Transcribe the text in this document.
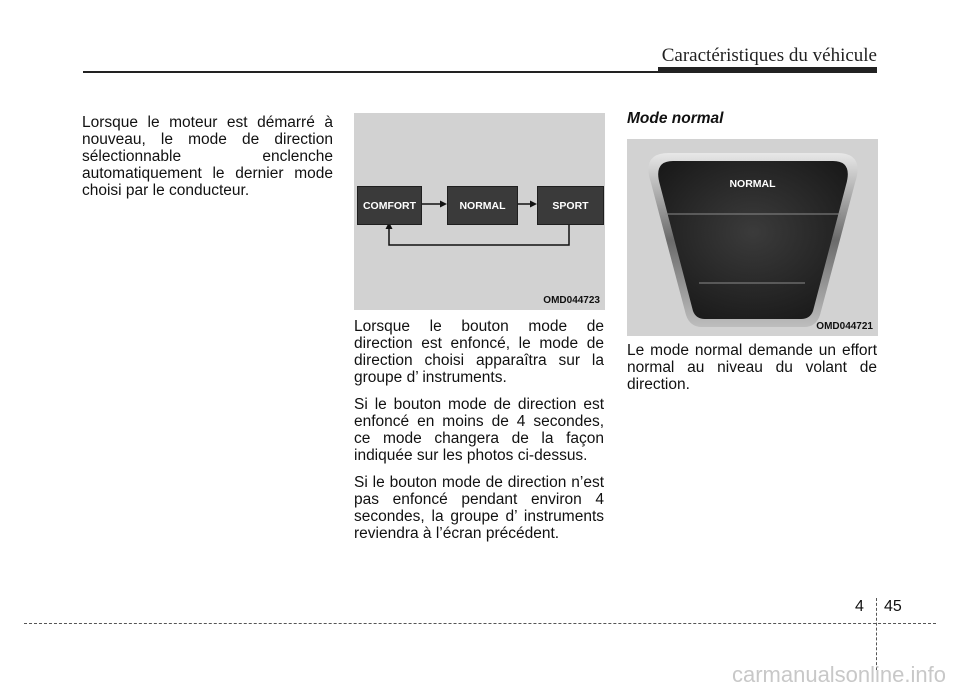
Caractéristiques du véhicule

Lorsque le moteur est démarré à nouveau, le mode de direction sélectionnable enclenche automatiquement le dernier mode choisi par le conducteur.

COMFORT	NORMAL	SPORT
OMD044723

Lorsque le bouton mode de direction est enfoncé, le mode de direction choisi apparaîtra sur la groupe d’ instruments.

Si le bouton mode de direction est enfoncé en moins de 4 secondes, ce mode changera de la façon indiquée sur les photos ci-dessus.

Si le bouton mode de direction n’est pas enfoncé pendant environ 4 secondes, la groupe d’ instruments reviendra à l’écran précédent.

Mode normal
NORMAL
OMD044721

Le mode normal demande un effort normal au niveau du volant de direction.

4 45
carmanualsonline.info
